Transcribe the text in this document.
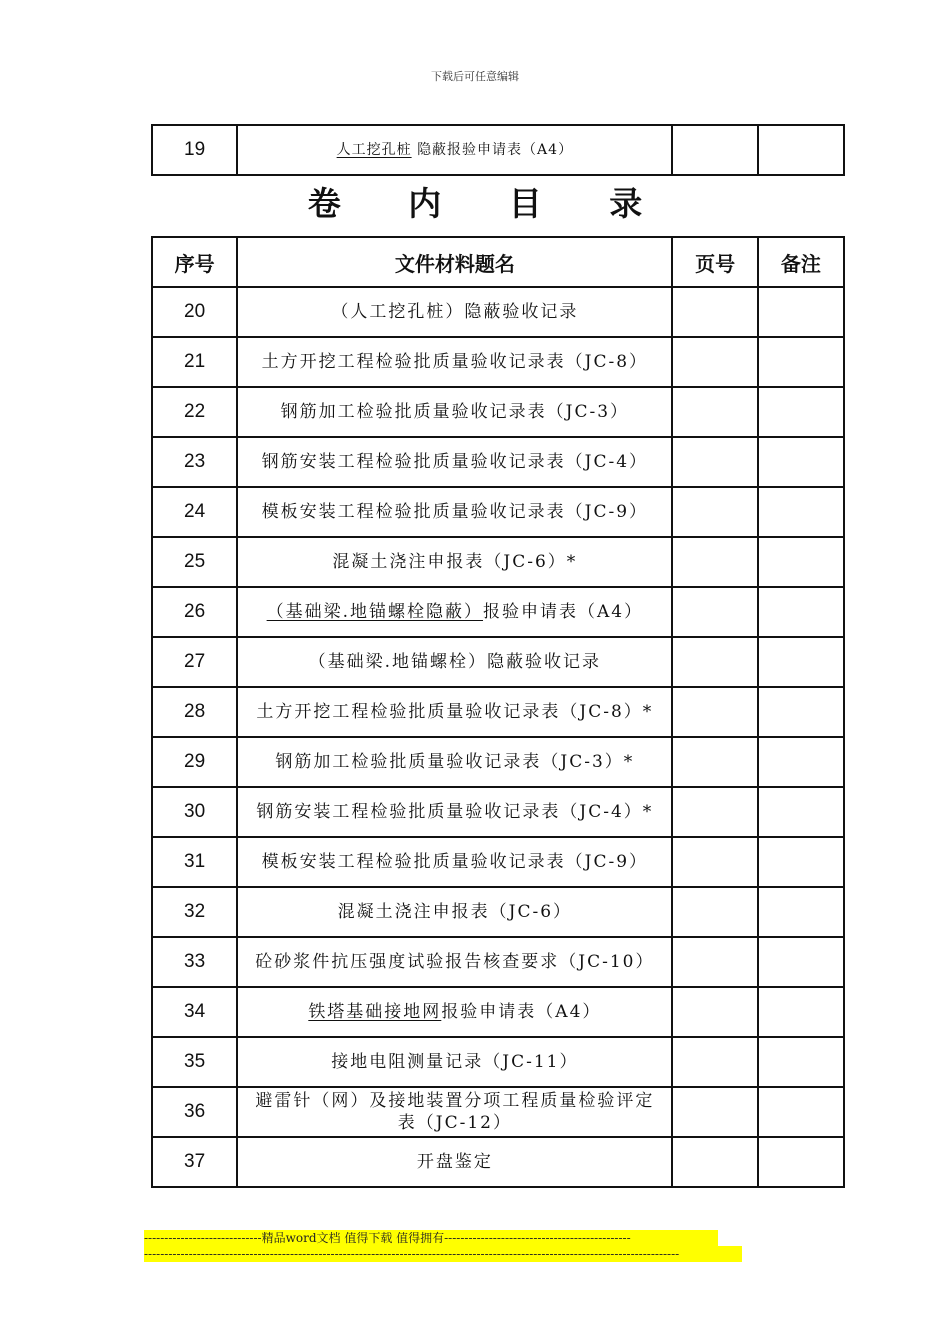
下载后可任意编辑
19	人工挖孔桩 隐蔽报验申请表（A4）		
卷 内 目 录
序号	文件材料题名	页号	备注
20	（人工挖孔桩）隐蔽验收记录		
21	土方开挖工程检验批质量验收记录表（JC-8）		
22	钢筋加工检验批质量验收记录表（JC-3）		
23	钢筋安装工程检验批质量验收记录表（JC-4）		
24	模板安装工程检验批质量验收记录表（JC-9）		
25	混凝土浇注申报表（JC-6）*		
26	（基础梁.地锚螺栓隐蔽）报验申请表（A4）		
27	（基础梁.地锚螺栓）隐蔽验收记录		
28	土方开挖工程检验批质量验收记录表（JC-8）*		
29	钢筋加工检验批质量验收记录表（JC-3）*		
30	钢筋安装工程检验批质量验收记录表（JC-4）*		
31	模板安装工程检验批质量验收记录表（JC-9）		
32	混凝土浇注申报表（JC-6）		
33	砼砂浆件抗压强度试验报告核查要求（JC-10）		
34	铁塔基础接地网报验申请表（A4）		
35	接地电阻测量记录（JC-11）		
36	避雷针（网）及接地装置分项工程质量检验评定表（JC-12）		
37	开盘鉴定		
-----------------------------精品word文档 值得下载 值得拥有----------------------------------------------
------------------------------------------------------------------------------------------------------------------------------------
